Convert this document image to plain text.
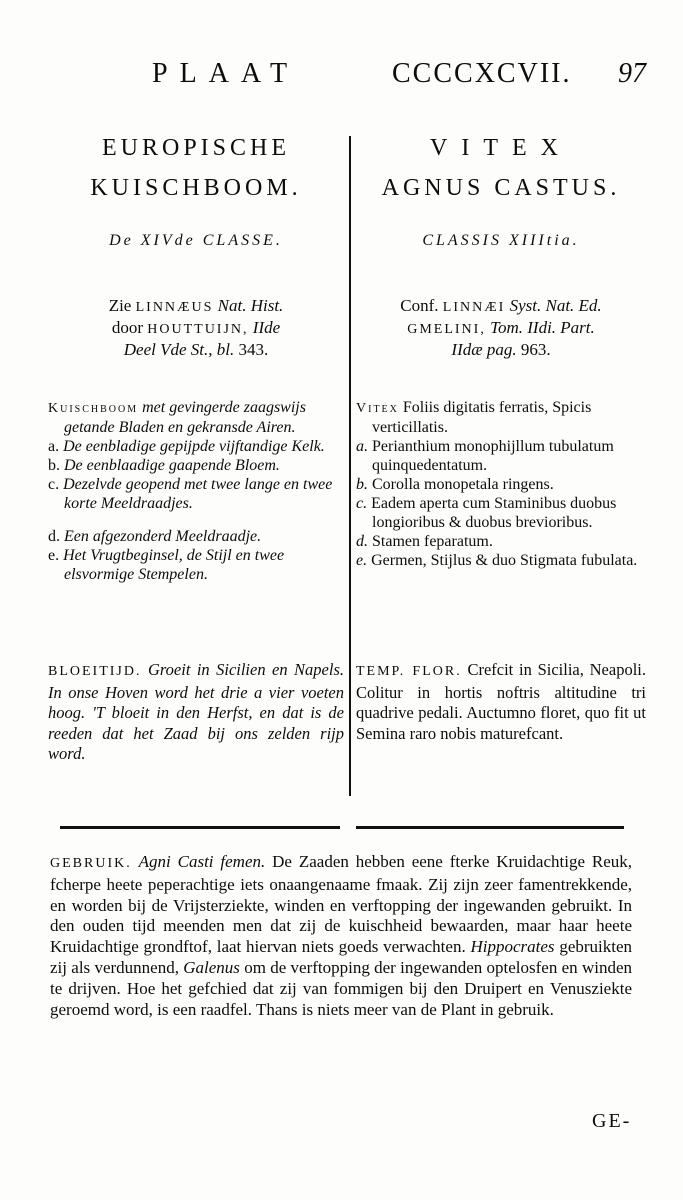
PLAAT	CCCCXCVII. 97
EUROPISCHE
KUISCHBOOM.
De XIVde CLASSE.
Zie LINNÆUS Nat. Hist.
door HOUTTUIJN, IIde
Deel Vde St., bl. 343.
Kuischboom met gevingerde zaagswijs getande Bladen en gekransde Airen.
a. De eenbladige gepijpde vijftandige Kelk.
b. De eenblaadige gaapende Bloem.
c. Dezelvde geopend met twee lange en twee korte Meeldraadjes.
d. Een afgezonderd Meeldraadje.
e. Het Vrugtbeginsel, de Stijl en twee elsvormige Stempelen.
BLOEITIJD. Groeit in Sicilien en Napels. In onse Hoven word het drie a vier voeten hoog. 'T bloeit in den Herfst, en dat is de reeden dat het Zaad bij ons zelden rijp word.
VITEX
AGNUS CASTUS.
CLASSIS XIIItia.
Conf. LINNÆI Syst. Nat. Ed.
GMELINI, Tom. IIdi. Part.
IIdæ pag. 963.
Vitex Foliis digitatis ferratis, Spicis verticillatis.
a. Perianthium monophijllum tubulatum quinquedentatum.
b. Corolla monopetala ringens.
c. Eadem aperta cum Staminibus duobus longioribus & duobus brevioribus.
d. Stamen feparatum.
e. Germen, Stijlus & duo Stigmata fubulata.
TEMP. FLOR. Crefcit in Sicilia, Neapoli. Colitur in hortis noftris altitudine tri quadrive pedali. Auctumno floret, quo fit ut Semina raro nobis maturefcant.
GEBRUIK. Agni Casti femen. De Zaaden hebben eene fterke Kruidachtige Reuk, fcherpe heete peperachtige iets onaangenaame fmaak. Zij zijn zeer famentrekkende, en worden bij de Vrijsterziekte, winden en verftopping der ingewanden gebruikt. In den ouden tijd meenden men dat zij de kuischheid bewaarden, maar haar heete Kruidachtige grondftof, laat hiervan niets goeds verwachten. Hippocrates gebruikten zij als verdunnend, Galenus om de verftopping der ingewanden optelosfen en winden te drijven. Hoe het gefchied dat zij van fommigen bij den Druipert en Venusziekte geroemd word, is een raadfel. Thans is niets meer van de Plant in gebruik.
GE-
